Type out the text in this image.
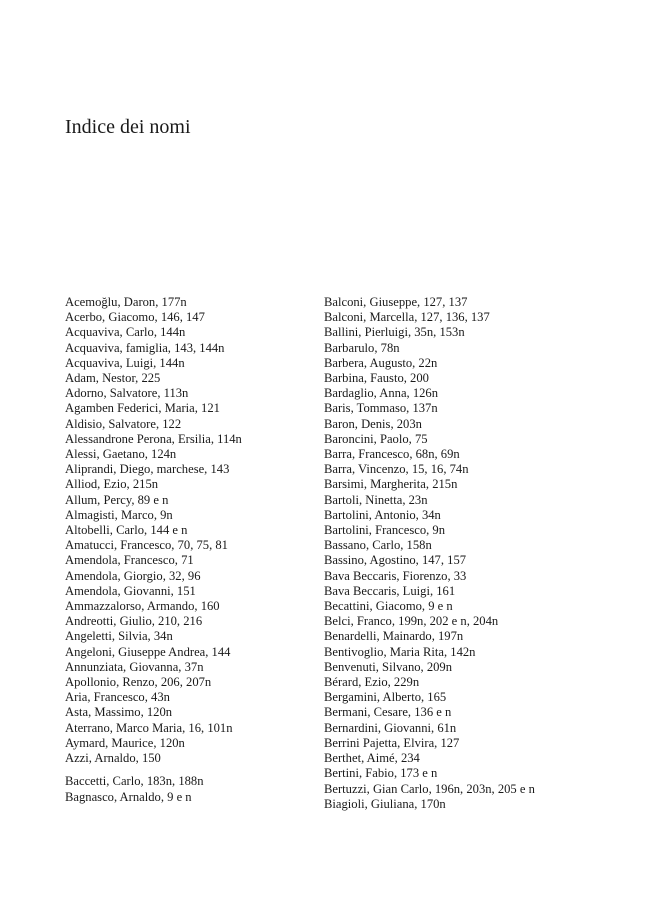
Indice dei nomi
Acemoğlu, Daron, 177n
Acerbo, Giacomo, 146, 147
Acquaviva, Carlo, 144n
Acquaviva, famiglia, 143, 144n
Acquaviva, Luigi, 144n
Adam, Nestor, 225
Adorno, Salvatore, 113n
Agamben Federici, Maria, 121
Aldisio, Salvatore, 122
Alessandrone Perona, Ersilia, 114n
Alessi, Gaetano, 124n
Aliprandi, Diego, marchese, 143
Alliod, Ezio, 215n
Allum, Percy, 89 e n
Almagisti, Marco, 9n
Altobelli, Carlo, 144 e n
Amatucci, Francesco, 70, 75, 81
Amendola, Francesco, 71
Amendola, Giorgio, 32, 96
Amendola, Giovanni, 151
Ammazzalorso, Armando, 160
Andreotti, Giulio, 210, 216
Angeletti, Silvia, 34n
Angeloni, Giuseppe Andrea, 144
Annunziata, Giovanna, 37n
Apollonio, Renzo, 206, 207n
Aria, Francesco, 43n
Asta, Massimo, 120n
Aterrano, Marco Maria, 16, 101n
Aymard, Maurice, 120n
Azzi, Arnaldo, 150
Baccetti, Carlo, 183n, 188n
Bagnasco, Arnaldo, 9 e n
Balconi, Giuseppe, 127, 137
Balconi, Marcella, 127, 136, 137
Ballini, Pierluigi, 35n, 153n
Barbarulo, 78n
Barbera, Augusto, 22n
Barbina, Fausto, 200
Bardaglio, Anna, 126n
Baris, Tommaso, 137n
Baron, Denis, 203n
Baroncini, Paolo, 75
Barra, Francesco, 68n, 69n
Barra, Vincenzo, 15, 16, 74n
Barsimi, Margherita, 215n
Bartoli, Ninetta, 23n
Bartolini, Antonio, 34n
Bartolini, Francesco, 9n
Bassano, Carlo, 158n
Bassino, Agostino, 147, 157
Bava Beccaris, Fiorenzo, 33
Bava Beccaris, Luigi, 161
Becattini, Giacomo, 9 e n
Belci, Franco, 199n, 202 e n, 204n
Benardelli, Mainardo, 197n
Bentivoglio, Maria Rita, 142n
Benvenuti, Silvano, 209n
Bérard, Ezio, 229n
Bergamini, Alberto, 165
Bermani, Cesare, 136 e n
Bernardini, Giovanni, 61n
Berrini Pajetta, Elvira, 127
Berthet, Aimé, 234
Bertini, Fabio, 173 e n
Bertuzzi, Gian Carlo, 196n, 203n, 205 e n
Biagioli, Giuliana, 170n
